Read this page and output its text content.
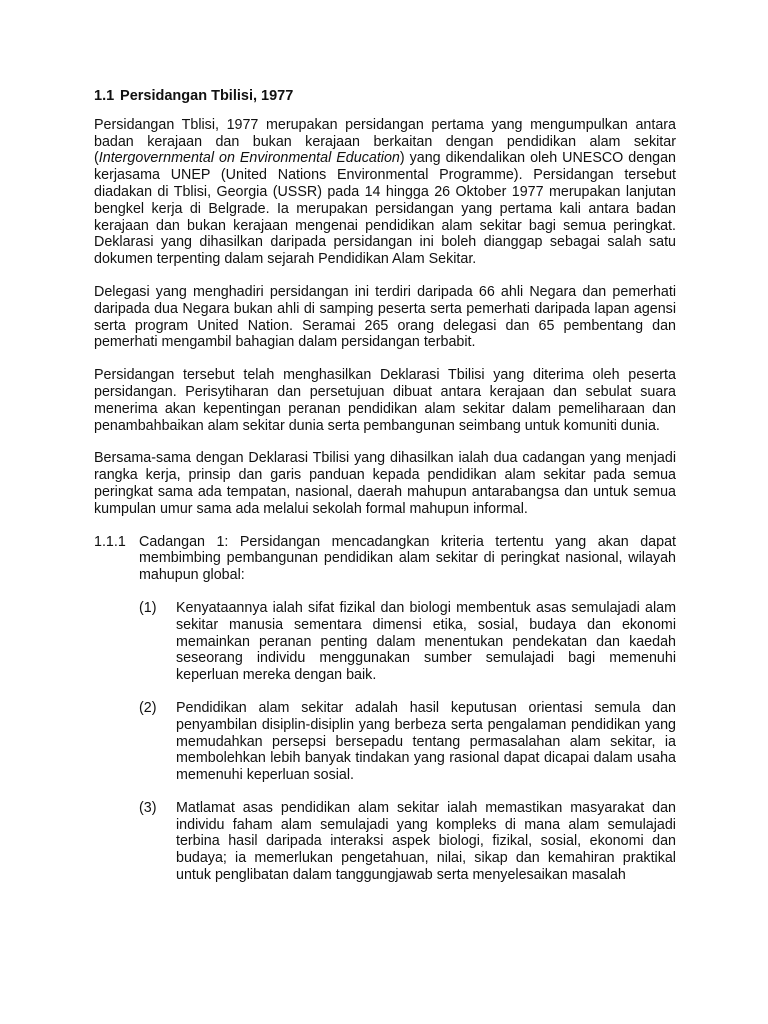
1.1 Persidangan Tbilisi, 1977

Persidangan Tblisi, 1977 merupakan persidangan pertama yang mengumpulkan antara badan kerajaan dan bukan kerajaan berkaitan dengan pendidikan alam sekitar (Intergovernmental on Environmental Education) yang dikendalikan oleh UNESCO dengan kerjasama UNEP (United Nations Environmental Programme). Persidangan tersebut diadakan di Tblisi, Georgia (USSR) pada 14 hingga 26 Oktober 1977 merupakan lanjutan bengkel kerja di Belgrade. Ia merupakan persidangan yang pertama kali antara badan kerajaan dan bukan kerajaan mengenai pendidikan alam sekitar bagi semua peringkat. Deklarasi yang dihasilkan daripada persidangan ini boleh dianggap sebagai salah satu dokumen terpenting dalam sejarah Pendidikan Alam Sekitar.

Delegasi yang menghadiri persidangan ini terdiri daripada 66 ahli Negara dan pemerhati daripada dua Negara bukan ahli di samping peserta serta pemerhati daripada lapan agensi serta program United Nation. Seramai 265 orang delegasi dan 65 pembentang dan pemerhati mengambil bahagian dalam persidangan terbabit.

Persidangan tersebut telah menghasilkan Deklarasi Tbilisi yang diterima oleh peserta persidangan. Perisytiharan dan persetujuan dibuat antara kerajaan dan sebulat suara menerima akan kepentingan peranan pendidikan alam sekitar dalam pemeliharaan dan penambahbaikan alam sekitar dunia serta pembangunan seimbang untuk komuniti dunia.

Bersama-sama dengan Deklarasi Tbilisi yang dihasilkan ialah dua cadangan yang menjadi rangka kerja, prinsip dan garis panduan kepada pendidikan alam sekitar pada semua peringkat sama ada tempatan, nasional, daerah mahupun antarabangsa dan untuk semua kumpulan umur sama ada melalui sekolah formal mahupun informal.

1.1.1 Cadangan 1: Persidangan mencadangkan kriteria tertentu yang akan dapat membimbing pembangunan pendidikan alam sekitar di peringkat nasional, wilayah mahupun global:
(1)	Kenyataannya ialah sifat fizikal dan biologi membentuk asas semulajadi alam sekitar manusia sementara dimensi etika, sosial, budaya dan ekonomi memainkan peranan penting dalam menentukan pendekatan dan kaedah seseorang individu menggunakan sumber semulajadi bagi memenuhi keperluan mereka dengan baik.
(2)	Pendidikan alam sekitar adalah hasil keputusan orientasi semula dan penyambilan disiplin-disiplin yang berbeza serta pengalaman pendidikan yang memudahkan persepsi bersepadu tentang permasalahan alam sekitar, ia membolehkan lebih banyak tindakan yang rasional dapat dicapai dalam usaha memenuhi keperluan sosial.
(3)	Matlamat asas pendidikan alam sekitar ialah memastikan masyarakat dan individu faham alam semulajadi yang kompleks di mana alam semulajadi terbina hasil daripada interaksi aspek biologi, fizikal, sosial, ekonomi dan budaya; ia memerlukan pengetahuan, nilai, sikap dan kemahiran praktikal untuk penglibatan dalam tanggungjawab serta menyelesaikan masalah
